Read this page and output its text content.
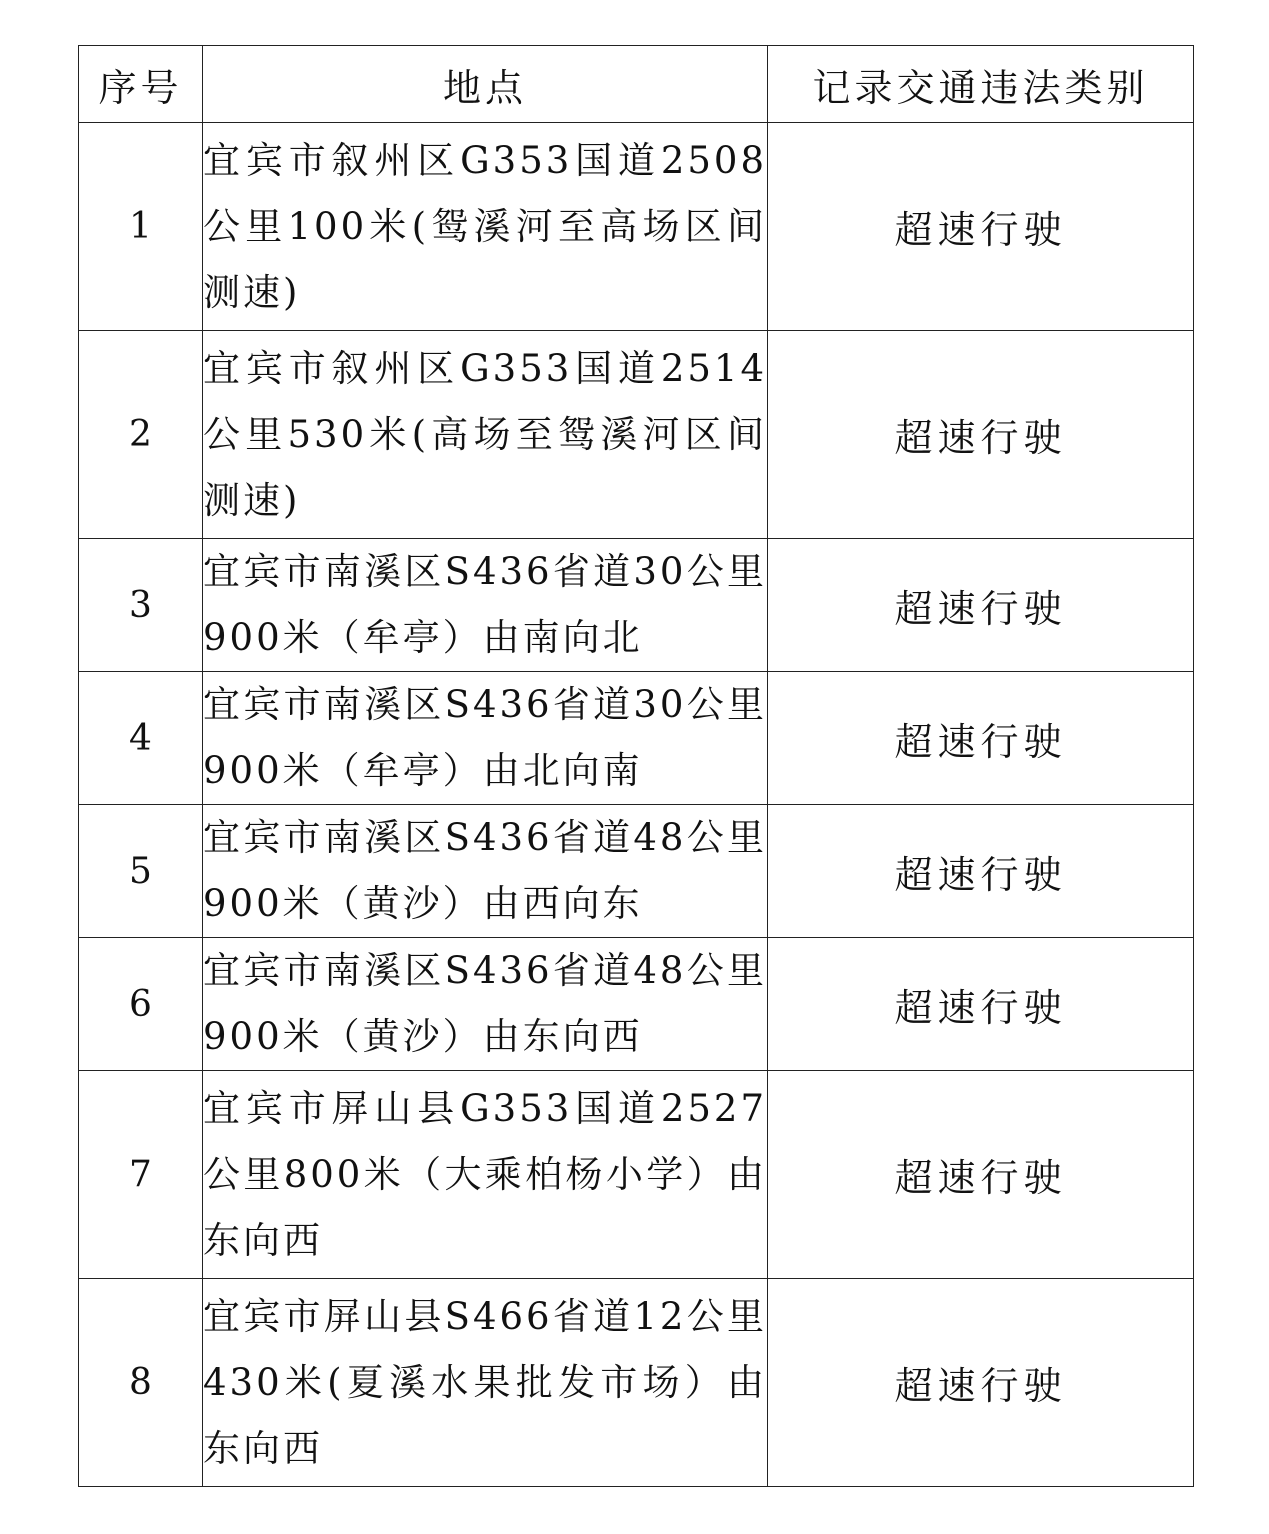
序号	地点	记录交通违法类别
1	宜宾市叙州区G353国道2508公里100米(鸳溪河至高场区间测速)	超速行驶
2	宜宾市叙州区G353国道2514公里530米(高场至鸳溪河区间测速)	超速行驶
3	宜宾市南溪区S436省道30公里900米（牟亭）由南向北	超速行驶
4	宜宾市南溪区S436省道30公里900米（牟亭）由北向南	超速行驶
5	宜宾市南溪区S436省道48公里900米（黄沙）由西向东	超速行驶
6	宜宾市南溪区S436省道48公里900米（黄沙）由东向西	超速行驶
7	宜宾市屏山县G353国道2527公里800米（大乘柏杨小学）由东向西	超速行驶
8	宜宾市屏山县S466省道12公里430米(夏溪水果批发市场）由东向西	超速行驶
